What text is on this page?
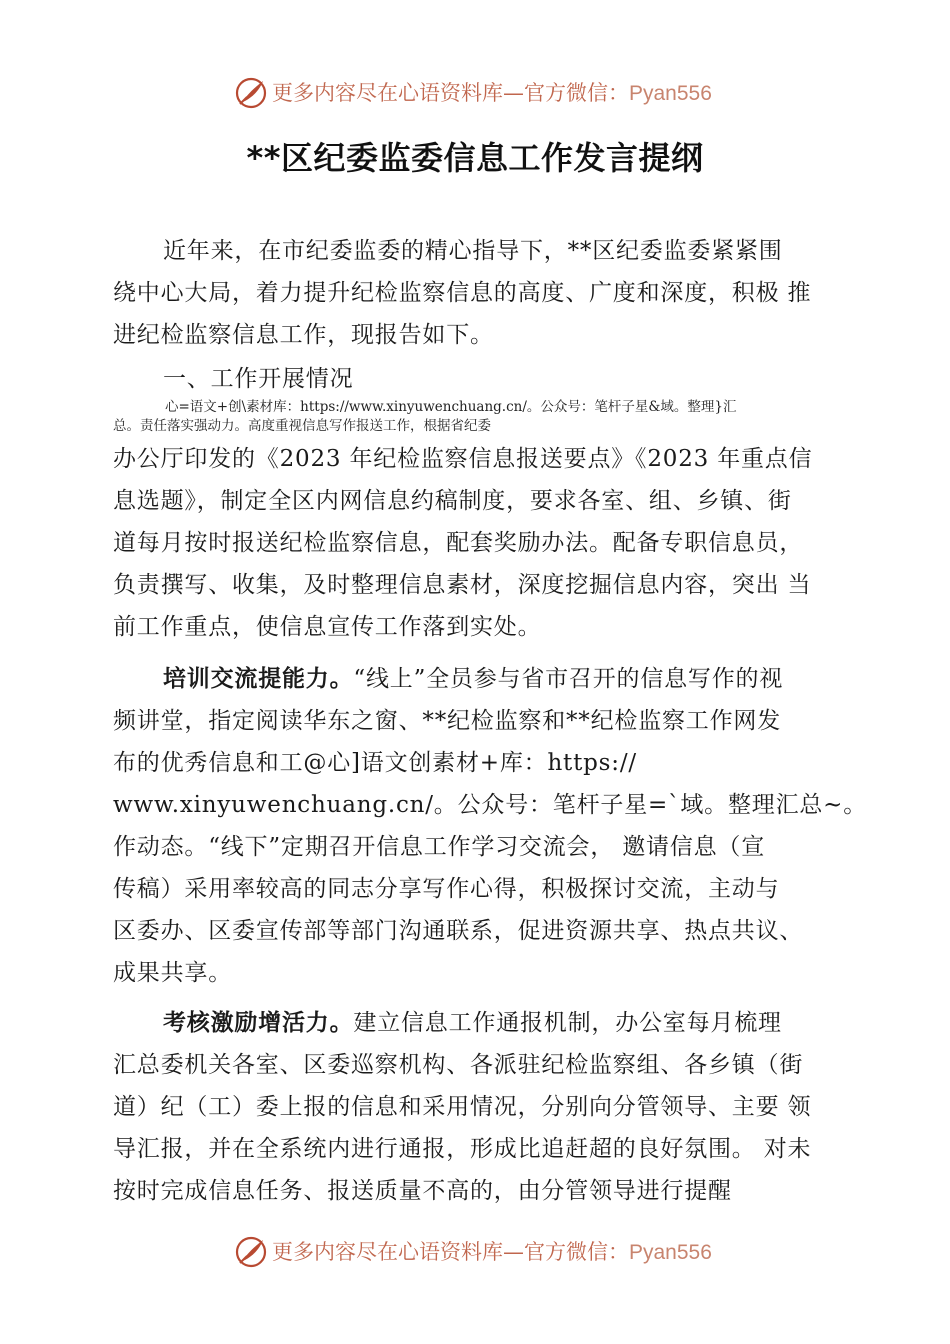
更多内容尽在心语资料库—官方微信：Pyan556
**区纪委监委信息工作发言提纲
近年来，在市纪委监委的精心指导下，**区纪委监委紧紧围
绕中心大局，着力提升纪检监察信息的高度、广度和深度，积极 推
进纪检监察信息工作，现报告如下。
一、工作开展情况
心=语文+创\素材库：https://www.xinyuwenchuang.cn/。公众号：笔杆子星&域。整理}汇
总。责任落实强动力。高度重视信息写作报送工作，根据省纪委
办公厅印发的《2023 年纪检监察信息报送要点》《2023 年重点信
息选题》，制定全区内网信息约稿制度，要求各室、组、乡镇、街
道每月按时报送纪检监察信息，配套奖励办法。配备专职信息员，
负责撰写、收集，及时整理信息素材，深度挖掘信息内容，突出 当
前工作重点，使信息宣传工作落到实处。
培训交流提能力。“线上”全员参与省市召开的信息写作的视
频讲堂，指定阅读华东之窗、**纪检监察和**纪检监察工作网发
布的优秀信息和工@心]语文创素材+库：https://
www.xinyuwenchuang.cn/。公众号：笔杆子星=`域。整理汇总~。
作动态。“线下”定期召开信息工作学习交流会， 邀请信息（宣
传稿）采用率较高的同志分享写作心得，积极探讨交流，主动与
区委办、区委宣传部等部门沟通联系，促进资源共享、热点共议、
成果共享。
考核激励增活力。建立信息工作通报机制，办公室每月梳理
汇总委机关各室、区委巡察机构、各派驻纪检监察组、各乡镇（街
道）纪（工）委上报的信息和采用情况，分别向分管领导、主要 领
导汇报，并在全系统内进行通报，形成比追赶超的良好氛围。 对未
按时完成信息任务、报送质量不高的，由分管领导进行提醒
更多内容尽在心语资料库—官方微信：Pyan556
